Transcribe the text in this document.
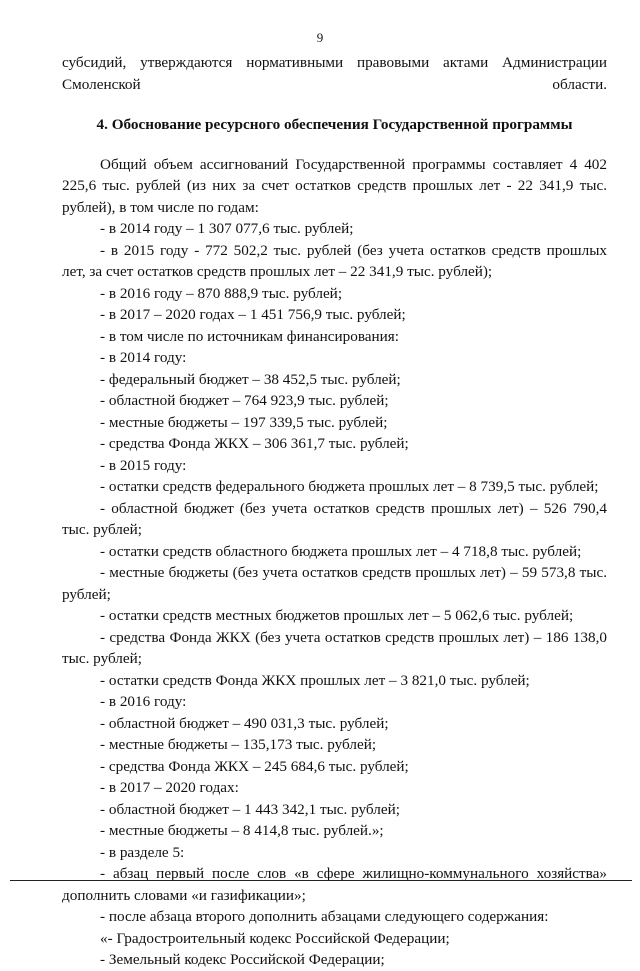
9

субсидий, утверждаются нормативными правовыми актами Администрации Смоленской области.

4. Обоснование ресурсного обеспечения Государственной программы

Общий объем ассигнований Государственной программы составляет 4 402 225,6 тыс. рублей (из них за счет остатков средств прошлых лет - 22 341,9 тыс. рублей), в том числе по годам:

- в 2014 году – 1 307 077,6 тыс. рублей;

- в 2015 году - 772 502,2 тыс. рублей (без учета остатков средств прошлых лет, за счет остатков средств прошлых лет – 22 341,9 тыс. рублей);

- в 2016 году – 870 888,9 тыс. рублей;

- в 2017 – 2020 годах – 1 451 756,9 тыс. рублей;

- в том числе по источникам финансирования:

- в 2014 году:

- федеральный бюджет – 38 452,5 тыс. рублей;

- областной бюджет – 764 923,9 тыс. рублей;

- местные бюджеты – 197 339,5 тыс. рублей;

- средства Фонда ЖКХ – 306 361,7 тыс. рублей;

- в 2015 году:

- остатки средств федерального бюджета прошлых лет – 8 739,5 тыс. рублей;

- областной бюджет (без учета остатков средств прошлых лет) – 526 790,4 тыс. рублей;

- остатки средств областного бюджета прошлых лет – 4 718,8 тыс. рублей;

- местные бюджеты (без учета остатков средств прошлых лет) – 59 573,8 тыс. рублей;

- остатки средств местных бюджетов прошлых лет – 5 062,6 тыс. рублей;

- средства Фонда ЖКХ (без учета остатков средств прошлых лет) – 186 138,0 тыс. рублей;

- остатки средств Фонда ЖКХ прошлых лет – 3 821,0 тыс. рублей;

- в 2016 году:

- областной бюджет – 490 031,3 тыс. рублей;

- местные бюджеты – 135,173 тыс. рублей;

- средства Фонда ЖКХ – 245 684,6 тыс. рублей;

- в 2017 – 2020 годах:

- областной бюджет – 1 443 342,1 тыс. рублей;

- местные бюджеты – 8 414,8 тыс. рублей.»;

- в разделе 5:

- абзац первый после слов «в сфере жилищно-коммунального хозяйства» дополнить словами «и газификации»;

- после абзаца второго дополнить абзацами следующего содержания:

«- Градостроительный кодекс Российской Федерации;

- Земельный кодекс Российской Федерации;
